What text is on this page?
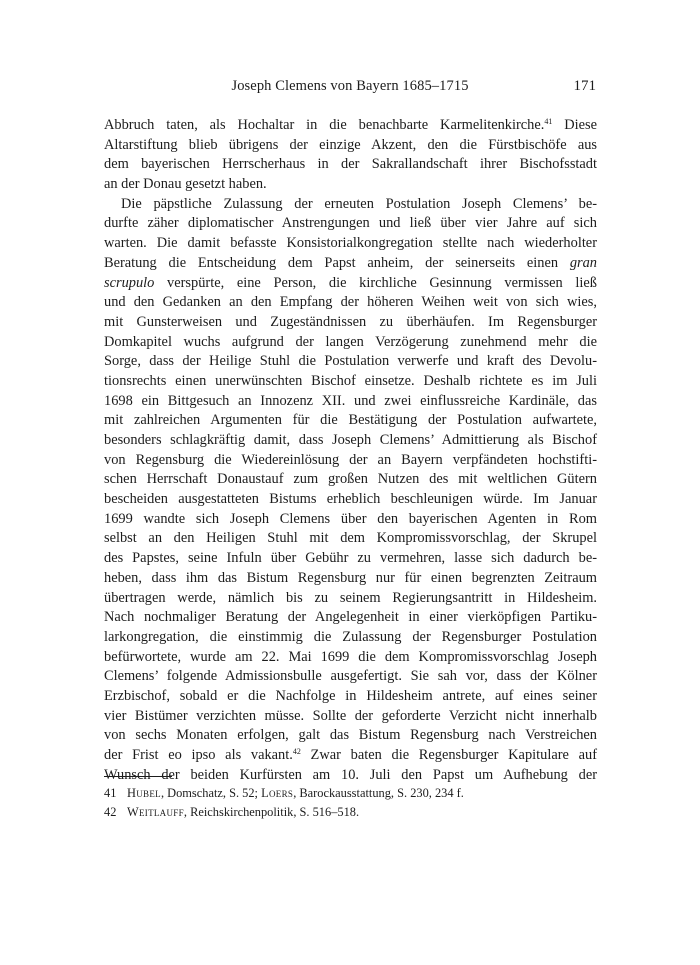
Joseph Clemens von Bayern 1685–1715	171
Abbruch taten, als Hochaltar in die benachbarte Karmelitenkirche.$^{41}$ Diese
Altarstiftung blieb übrigens der einzige Akzent, den die Fürstbischöfe aus
dem bayerischen Herrscherhaus in der Sakrallandschaft ihrer Bischofsstadt
an der Donau gesetzt haben.
Die päpstliche Zulassung der erneuten Postulation Joseph Clemens’ be-
durfte zäher diplomatischer Anstrengungen und ließ über vier Jahre auf sich
warten. Die damit befasste Konsistorialkongregation stellte nach wiederholter
Beratung die Entscheidung dem Papst anheim, der seinerseits einen gran
scrupulo verspürte, eine Person, die kirchliche Gesinnung vermissen ließ
und den Gedanken an den Empfang der höheren Weihen weit von sich wies,
mit Gunsterweisen und Zugeständnissen zu überhäufen. Im Regensburger
Domkapitel wuchs aufgrund der langen Verzögerung zunehmend mehr die
Sorge, dass der Heilige Stuhl die Postulation verwerfe und kraft des Devolu-
tionsrechts einen unerwünschten Bischof einsetze. Deshalb richtete es im Juli
1698 ein Bittgesuch an Innozenz XII. und zwei einflussreiche Kardinäle, das
mit zahlreichen Argumenten für die Bestätigung der Postulation aufwartete,
besonders schlagkräftig damit, dass Joseph Clemens’ Admittierung als Bischof
von Regensburg die Wiedereinlösung der an Bayern verpfändeten hochstifti-
schen Herrschaft Donaustauf zum großen Nutzen des mit weltlichen Gütern
bescheiden ausgestatteten Bistums erheblich beschleunigen würde. Im Januar
1699 wandte sich Joseph Clemens über den bayerischen Agenten in Rom
selbst an den Heiligen Stuhl mit dem Kompromissvorschlag, der Skrupel
des Papstes, seine Infuln über Gebühr zu vermehren, lasse sich dadurch be-
heben, dass ihm das Bistum Regensburg nur für einen begrenzten Zeitraum
übertragen werde, nämlich bis zu seinem Regierungsantritt in Hildesheim.
Nach nochmaliger Beratung der Angelegenheit in einer vierköpfigen Partiku-
larkongregation, die einstimmig die Zulassung der Regensburger Postulation
befürwortete, wurde am 22. Mai 1699 die dem Kompromissvorschlag Joseph
Clemens’ folgende Admissionsbulle ausgefertigt. Sie sah vor, dass der Kölner
Erzbischof, sobald er die Nachfolge in Hildesheim antrete, auf eines seiner
vier Bistümer verzichten müsse. Sollte der geforderte Verzicht nicht innerhalb
von sechs Monaten erfolgen, galt das Bistum Regensburg nach Verstreichen
der Frist eo ipso als vakant.$^{42}$ Zwar baten die Regensburger Kapitulare auf
Wunsch der beiden Kurfürsten am 10. Juli den Papst um Aufhebung der
41 Hubel, Domschatz, S. 52; Loers, Barockausstattung, S. 230, 234 f.
42 Weitlauff, Reichskirchenpolitik, S. 516–518.
